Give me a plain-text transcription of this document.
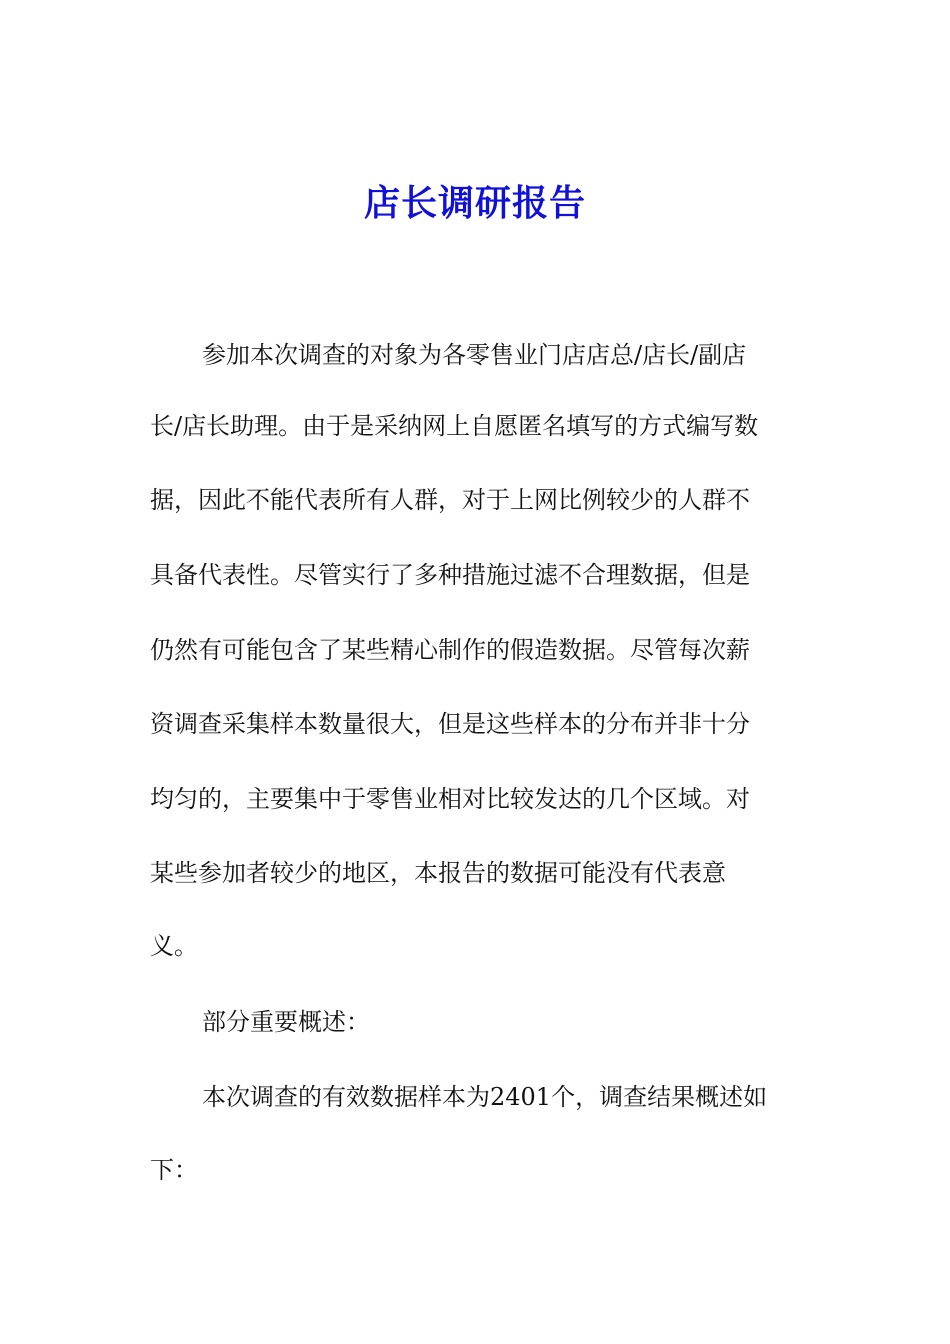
店长调研报告

参加本次调查的对象为各零售业门店店总/店长/副店

长/店长助理。由于是采纳网上自愿匿名填写的方式编写数

据，因此不能代表所有人群，对于上网比例较少的人群不

具备代表性。尽管实行了多种措施过滤不合理数据，但是

仍然有可能包含了某些精心制作的假造数据。尽管每次薪

资调查采集样本数量很大，但是这些样本的分布并非十分

均匀的，主要集中于零售业相对比较发达的几个区域。对

某些参加者较少的地区，本报告的数据可能没有代表意

义。

部分重要概述：

本次调查的有效数据样本为2401个，调查结果概述如

下：
